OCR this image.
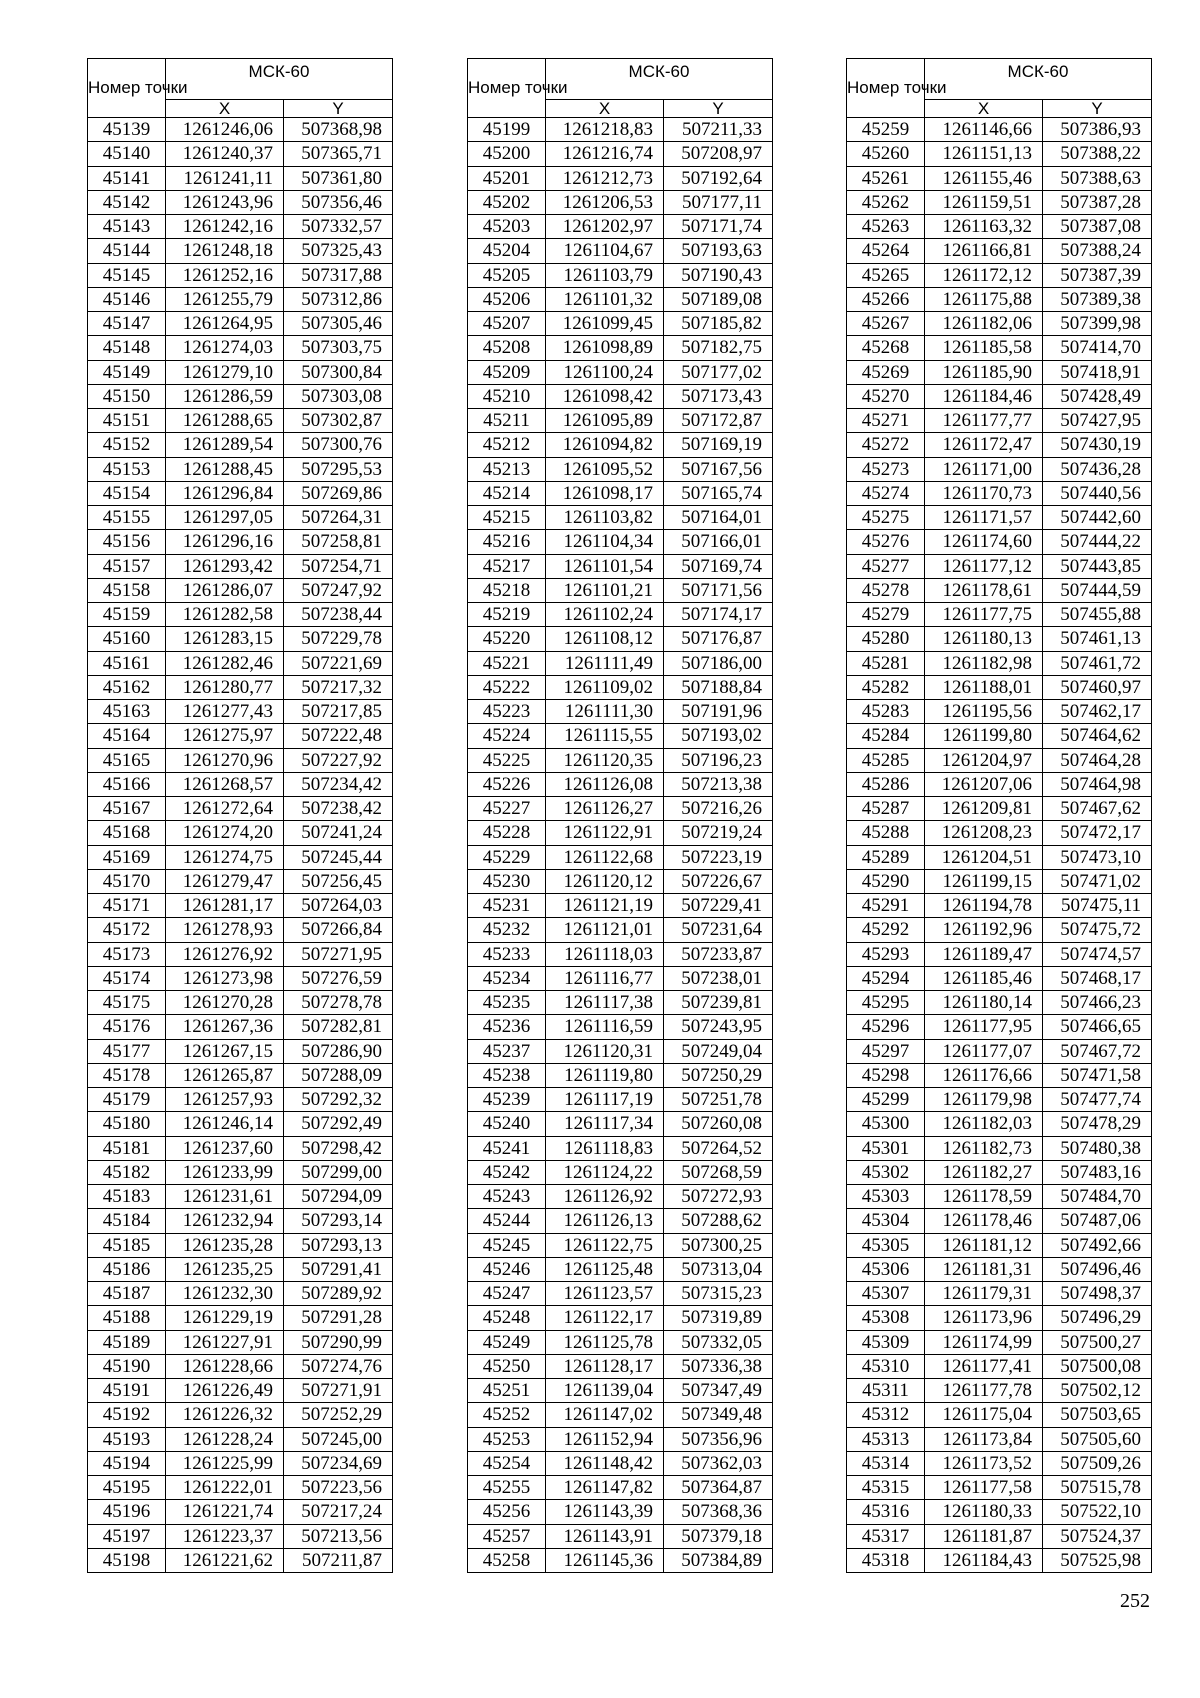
Номер точки	МСК-60	
	X	Y
45139	1261246,06	507368,98
45140	1261240,37	507365,71
45141	1261241,11	507361,80
45142	1261243,96	507356,46
45143	1261242,16	507332,57
45144	1261248,18	507325,43
45145	1261252,16	507317,88
45146	1261255,79	507312,86
45147	1261264,95	507305,46
45148	1261274,03	507303,75
45149	1261279,10	507300,84
45150	1261286,59	507303,08
45151	1261288,65	507302,87
45152	1261289,54	507300,76
45153	1261288,45	507295,53
45154	1261296,84	507269,86
45155	1261297,05	507264,31
45156	1261296,16	507258,81
45157	1261293,42	507254,71
45158	1261286,07	507247,92
45159	1261282,58	507238,44
45160	1261283,15	507229,78
45161	1261282,46	507221,69
45162	1261280,77	507217,32
45163	1261277,43	507217,85
45164	1261275,97	507222,48
45165	1261270,96	507227,92
45166	1261268,57	507234,42
45167	1261272,64	507238,42
45168	1261274,20	507241,24
45169	1261274,75	507245,44
45170	1261279,47	507256,45
45171	1261281,17	507264,03
45172	1261278,93	507266,84
45173	1261276,92	507271,95
45174	1261273,98	507276,59
45175	1261270,28	507278,78
45176	1261267,36	507282,81
45177	1261267,15	507286,90
45178	1261265,87	507288,09
45179	1261257,93	507292,32
45180	1261246,14	507292,49
45181	1261237,60	507298,42
45182	1261233,99	507299,00
45183	1261231,61	507294,09
45184	1261232,94	507293,14
45185	1261235,28	507293,13
45186	1261235,25	507291,41
45187	1261232,30	507289,92
45188	1261229,19	507291,28
45189	1261227,91	507290,99
45190	1261228,66	507274,76
45191	1261226,49	507271,91
45192	1261226,32	507252,29
45193	1261228,24	507245,00
45194	1261225,99	507234,69
45195	1261222,01	507223,56
45196	1261221,74	507217,24
45197	1261223,37	507213,56
45198	1261221,62	507211,87
Номер точки	МСК-60	
	X	Y
45199	1261218,83	507211,33
45200	1261216,74	507208,97
45201	1261212,73	507192,64
45202	1261206,53	507177,11
45203	1261202,97	507171,74
45204	1261104,67	507193,63
45205	1261103,79	507190,43
45206	1261101,32	507189,08
45207	1261099,45	507185,82
45208	1261098,89	507182,75
45209	1261100,24	507177,02
45210	1261098,42	507173,43
45211	1261095,89	507172,87
45212	1261094,82	507169,19
45213	1261095,52	507167,56
45214	1261098,17	507165,74
45215	1261103,82	507164,01
45216	1261104,34	507166,01
45217	1261101,54	507169,74
45218	1261101,21	507171,56
45219	1261102,24	507174,17
45220	1261108,12	507176,87
45221	1261111,49	507186,00
45222	1261109,02	507188,84
45223	1261111,30	507191,96
45224	1261115,55	507193,02
45225	1261120,35	507196,23
45226	1261126,08	507213,38
45227	1261126,27	507216,26
45228	1261122,91	507219,24
45229	1261122,68	507223,19
45230	1261120,12	507226,67
45231	1261121,19	507229,41
45232	1261121,01	507231,64
45233	1261118,03	507233,87
45234	1261116,77	507238,01
45235	1261117,38	507239,81
45236	1261116,59	507243,95
45237	1261120,31	507249,04
45238	1261119,80	507250,29
45239	1261117,19	507251,78
45240	1261117,34	507260,08
45241	1261118,83	507264,52
45242	1261124,22	507268,59
45243	1261126,92	507272,93
45244	1261126,13	507288,62
45245	1261122,75	507300,25
45246	1261125,48	507313,04
45247	1261123,57	507315,23
45248	1261122,17	507319,89
45249	1261125,78	507332,05
45250	1261128,17	507336,38
45251	1261139,04	507347,49
45252	1261147,02	507349,48
45253	1261152,94	507356,96
45254	1261148,42	507362,03
45255	1261147,82	507364,87
45256	1261143,39	507368,36
45257	1261143,91	507379,18
45258	1261145,36	507384,89
Номер точки	МСК-60	
	X	Y
45259	1261146,66	507386,93
45260	1261151,13	507388,22
45261	1261155,46	507388,63
45262	1261159,51	507387,28
45263	1261163,32	507387,08
45264	1261166,81	507388,24
45265	1261172,12	507387,39
45266	1261175,88	507389,38
45267	1261182,06	507399,98
45268	1261185,58	507414,70
45269	1261185,90	507418,91
45270	1261184,46	507428,49
45271	1261177,77	507427,95
45272	1261172,47	507430,19
45273	1261171,00	507436,28
45274	1261170,73	507440,56
45275	1261171,57	507442,60
45276	1261174,60	507444,22
45277	1261177,12	507443,85
45278	1261178,61	507444,59
45279	1261177,75	507455,88
45280	1261180,13	507461,13
45281	1261182,98	507461,72
45282	1261188,01	507460,97
45283	1261195,56	507462,17
45284	1261199,80	507464,62
45285	1261204,97	507464,28
45286	1261207,06	507464,98
45287	1261209,81	507467,62
45288	1261208,23	507472,17
45289	1261204,51	507473,10
45290	1261199,15	507471,02
45291	1261194,78	507475,11
45292	1261192,96	507475,72
45293	1261189,47	507474,57
45294	1261185,46	507468,17
45295	1261180,14	507466,23
45296	1261177,95	507466,65
45297	1261177,07	507467,72
45298	1261176,66	507471,58
45299	1261179,98	507477,74
45300	1261182,03	507478,29
45301	1261182,73	507480,38
45302	1261182,27	507483,16
45303	1261178,59	507484,70
45304	1261178,46	507487,06
45305	1261181,12	507492,66
45306	1261181,31	507496,46
45307	1261179,31	507498,37
45308	1261173,96	507496,29
45309	1261174,99	507500,27
45310	1261177,41	507500,08
45311	1261177,78	507502,12
45312	1261175,04	507503,65
45313	1261173,84	507505,60
45314	1261173,52	507509,26
45315	1261177,58	507515,78
45316	1261180,33	507522,10
45317	1261181,87	507524,37
45318	1261184,43	507525,98
252
